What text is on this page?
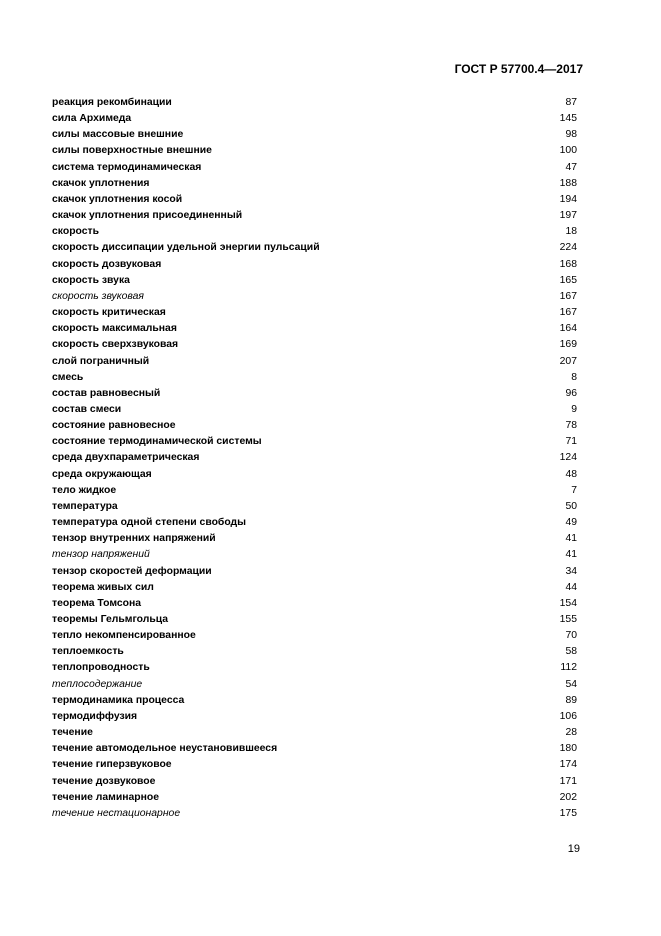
ГОСТ Р 57700.4—2017
реакция рекомбинации	87
сила Архимеда	145
силы массовые внешние	98
силы поверхностные внешние	100
система термодинамическая	47
скачок уплотнения	188
скачок уплотнения косой	194
скачок уплотнения присоединенный	197
скорость	18
скорость диссипации удельной энергии пульсаций	224
скорость дозвуковая	168
скорость звука	165
скорость звуковая	167
скорость критическая	167
скорость максимальная	164
скорость сверхзвуковая	169
слой пограничный	207
смесь	8
состав равновесный	96
состав смеси	9
состояние равновесное	78
состояние термодинамической системы	71
среда двухпараметрическая	124
среда окружающая	48
тело жидкое	7
температура	50
температура одной степени свободы	49
тензор внутренних напряжений	41
тензор напряжений	41
тензор скоростей деформации	34
теорема живых сил	44
теорема Томсона	154
теоремы Гельмгольца	155
тепло некомпенсированное	70
теплоемкость	58
теплопроводность	112
теплосодержание	54
термодинамика процесса	89
термодиффузия	106
течение	28
течение автомодельное неустановившееся	180
течение гиперзвуковое	174
течение дозвуковое	171
течение ламинарное	202
течение нестационарное	175
19
